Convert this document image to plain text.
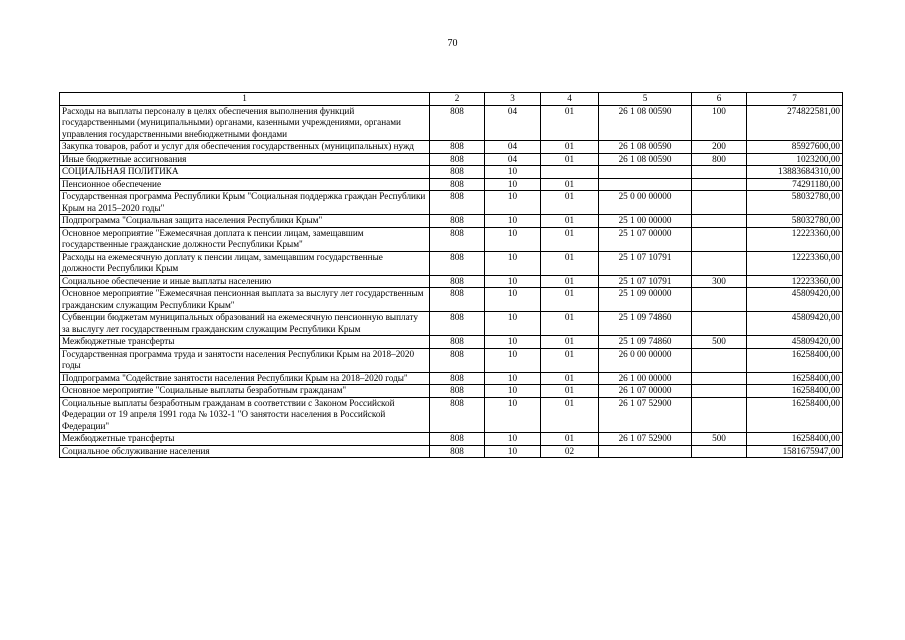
70
1	2	3	4	5	6	7
Расходы на выплаты персоналу в целях обеспечения выполнения функций государственными (муниципальными) органами, казенными учреждениями, органами управления государственными внебюджетными фондами	808	04	01	26 1 08 00590	100	274822581,00
Закупка товаров, работ и услуг для обеспечения государственных (муниципальных) нужд	808	04	01	26 1 08 00590	200	85927600,00
Иные бюджетные ассигнования	808	04	01	26 1 08 00590	800	1023200,00
СОЦИАЛЬНАЯ ПОЛИТИКА	808	10				13883684310,00
Пенсионное обеспечение	808	10	01			74291180,00
Государственная программа Республики Крым "Социальная поддержка граждан Республики Крым на 2015–2020 годы"	808	10	01	25 0 00 00000		58032780,00
Подпрограмма "Социальная защита населения Республики Крым"	808	10	01	25 1 00 00000		58032780,00
Основное мероприятие "Ежемесячная доплата к пенсии лицам, замещавшим государственные гражданские должности Республики Крым"	808	10	01	25 1 07 00000		12223360,00
Расходы на ежемесячную доплату к пенсии лицам, замещавшим государственные должности Республики Крым	808	10	01	25 1 07 10791		12223360,00
Социальное обеспечение и иные выплаты населению	808	10	01	25 1 07 10791	300	12223360,00
Основное мероприятие "Ежемесячная пенсионная выплата за выслугу лет государственным гражданским служащим Республики Крым"	808	10	01	25 1 09 00000		45809420,00
Субвенции бюджетам муниципальных образований на ежемесячную пенсионную выплату за выслугу лет государственным гражданским служащим Республики Крым	808	10	01	25 1 09 74860		45809420,00
Межбюджетные трансферты	808	10	01	25 1 09 74860	500	45809420,00
Государственная программа труда и занятости населения Республики Крым на 2018–2020 годы	808	10	01	26 0 00 00000		16258400,00
Подпрограмма "Содействие занятости населения Республики Крым на 2018–2020 годы"	808	10	01	26 1 00 00000		16258400,00
Основное мероприятие "Социальные выплаты безработным гражданам"	808	10	01	26 1 07 00000		16258400,00
Социальные выплаты безработным гражданам в соответствии с Законом Российской Федерации от 19 апреля 1991 года № 1032-1 "О занятости населения в Российской Федерации"	808	10	01	26 1 07 52900		16258400,00
Межбюджетные трансферты	808	10	01	26 1 07 52900	500	16258400,00
Социальное обслуживание населения	808	10	02			1581675947,00
